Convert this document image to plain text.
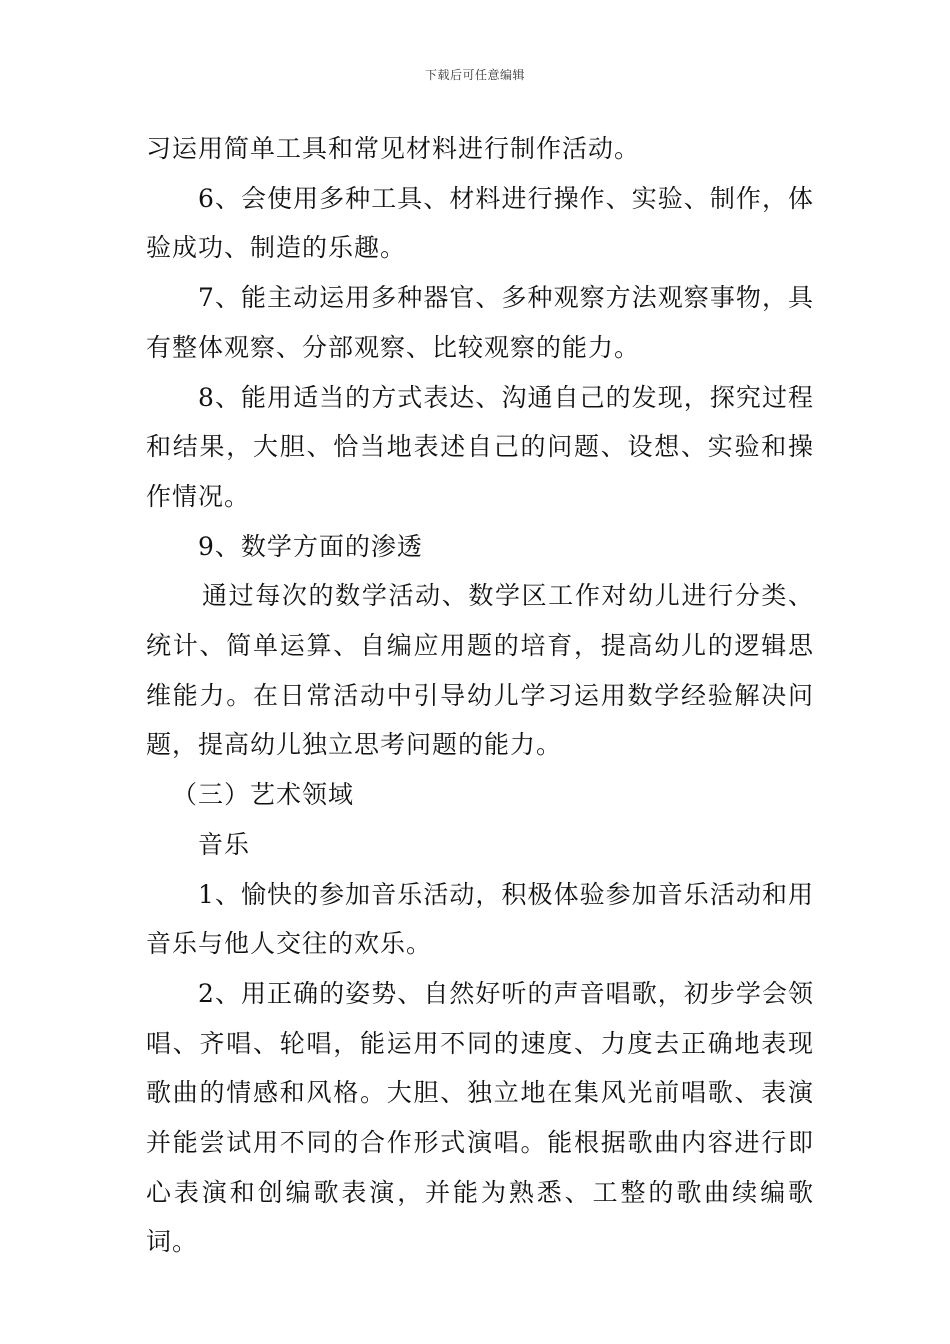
下载后可任意编辑

习运用简单工具和常见材料进行制作活动。

6、会使用多种工具、材料进行操作、实验、制作，体验成功、制造的乐趣。

7、能主动运用多种器官、多种观察方法观察事物，具有整体观察、分部观察、比较观察的能力。

8、能用适当的方式表达、沟通自己的发现，探究过程和结果，大胆、恰当地表述自己的问题、设想、实验和操作情况。

9、数学方面的渗透

通过每次的数学活动、数学区工作对幼儿进行分类、统计、简单运算、自编应用题的培育，提高幼儿的逻辑思维能力。在日常活动中引导幼儿学习运用数学经验解决问题，提高幼儿独立思考问题的能力。

（三）艺术领域

音乐

1、愉快的参加音乐活动，积极体验参加音乐活动和用音乐与他人交往的欢乐。

2、用正确的姿势、自然好听的声音唱歌，初步学会领唱、齐唱、轮唱，能运用不同的速度、力度去正确地表现歌曲的情感和风格。大胆、独立地在集风光前唱歌、表演并能尝试用不同的合作形式演唱。能根据歌曲内容进行即心表演和创编歌表演，并能为熟悉、工整的歌曲续编歌词。
